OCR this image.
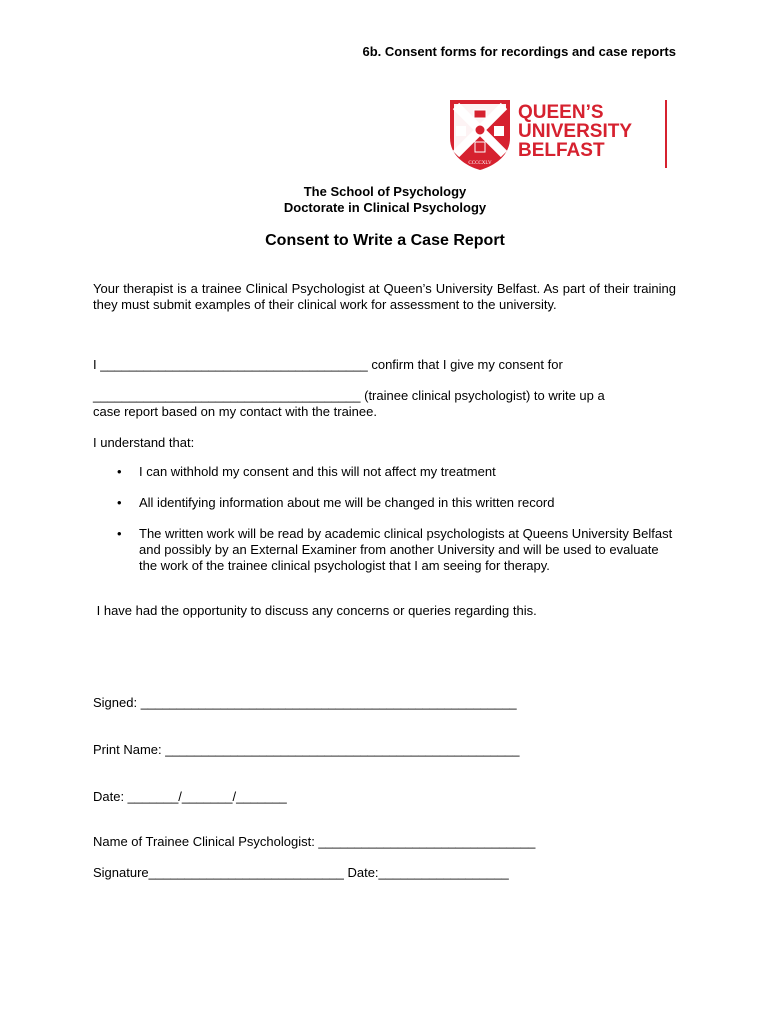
6b. Consent forms for recordings and case reports
CCCCXLV
QUEEN’S
UNIVERSITY
BELFAST
The School of Psychology
Doctorate in Clinical Psychology
Consent to Write a Case Report
Your therapist is a trainee Clinical Psychologist at Queen’s University Belfast. As part of their training they must submit examples of their clinical work for assessment to the university.
I _____________________________________ confirm that I give my consent for
_____________________________________ (trainee clinical psychologist) to write up a
case report based on my contact with the trainee.
I understand that:
• I can withhold my consent and this will not affect my treatment
• All identifying information about me will be changed in this written record
• The written work will be read by academic clinical psychologists at Queens University Belfast and possibly by an External Examiner from another University and will be used to evaluate the work of the trainee clinical psychologist that I am seeing for therapy.
I have had the opportunity to discuss any concerns or queries regarding this.
Signed: ____________________________________________________
Print Name: _________________________________________________
Date: _______/_______/_______
Name of Trainee Clinical Psychologist: ______________________________
Signature___________________________ Date:__________________
